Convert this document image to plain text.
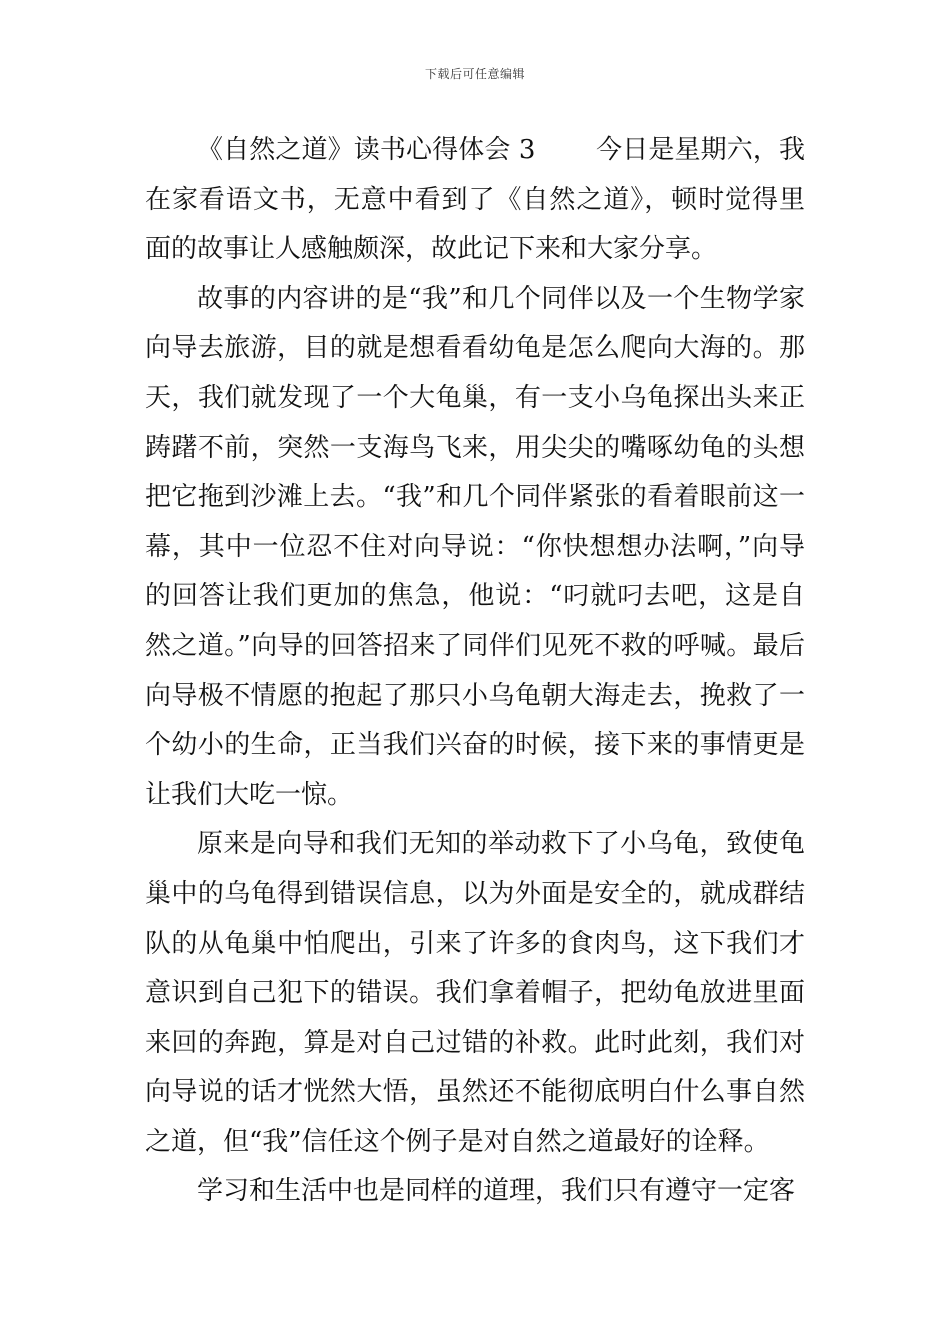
下载后可任意编辑

《自然之道》读书心得体会 3　　 今日是星期六，我在家看语文书，无意中看到了《自然之道》，顿时觉得里面的故事让人感触颇深，故此记下来和大家分享。

故事的内容讲的是“我”和几个同伴以及一个生物学家向导去旅游，目的就是想看看幼龟是怎么爬向大海的。那天，我们就发现了一个大龟巢，有一支小乌龟探出头来正踌躇不前，突然一支海鸟飞来，用尖尖的嘴啄幼龟的头想把它拖到沙滩上去。“我”和几个同伴紧张的看着眼前这一幕，其中一位忍不住对向导说：“你快想想办法啊，”向导的回答让我们更加的焦急，他说：“叼就叼去吧，这是自然之道。”向导的回答招来了同伴们见死不救的呼喊。最后向导极不情愿的抱起了那只小乌龟朝大海走去，挽救了一个幼小的生命，正当我们兴奋的时候，接下来的事情更是让我们大吃一惊。

原来是向导和我们无知的举动救下了小乌龟，致使龟巢中的乌龟得到错误信息，以为外面是安全的，就成群结队的从龟巢中怕爬出，引来了许多的食肉鸟，这下我们才意识到自己犯下的错误。我们拿着帽子，把幼龟放进里面来回的奔跑，算是对自己过错的补救。此时此刻，我们对向导说的话才恍然大悟，虽然还不能彻底明白什么事自然之道，但“我”信任这个例子是对自然之道最好的诠释。

学习和生活中也是同样的道理，我们只有遵守一定客
